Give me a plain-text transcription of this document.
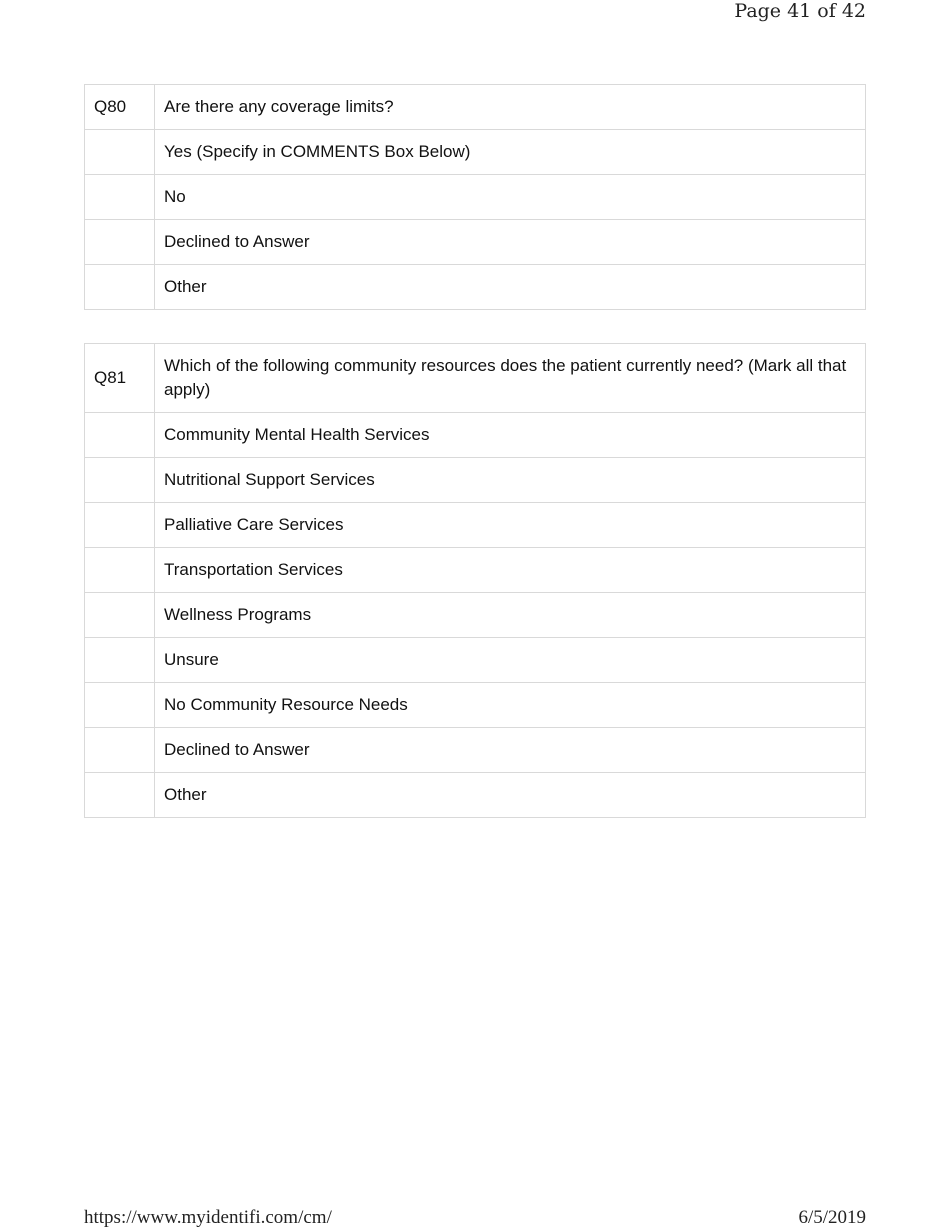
Page 41 of 42
Q80	Are there any coverage limits?
	Yes (Specify in COMMENTS Box Below)
	No
	Declined to Answer
	Other
Q81	Which of the following community resources does the patient currently need? (Mark all that apply)
	Community Mental Health Services
	Nutritional Support Services
	Palliative Care Services
	Transportation Services
	Wellness Programs
	Unsure
	No Community Resource Needs
	Declined to Answer
	Other
https://www.myidentifi.com/cm/	6/5/2019
